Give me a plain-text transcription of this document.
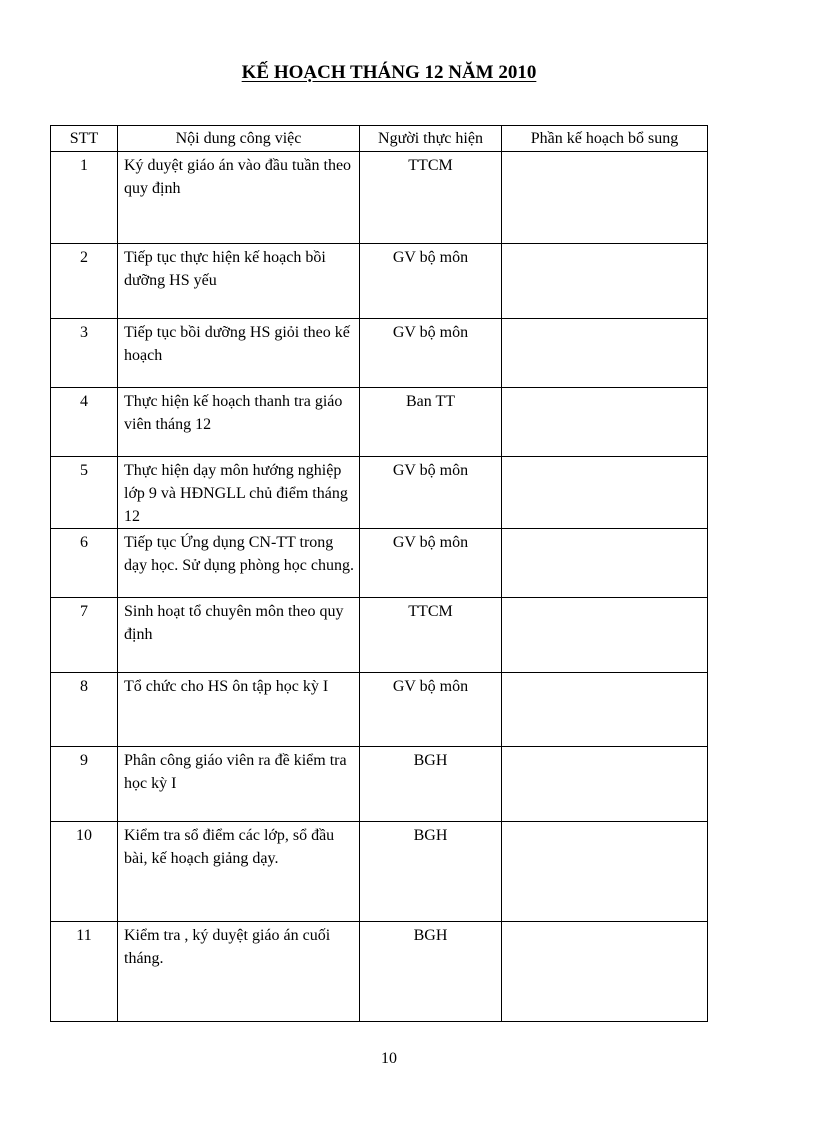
KẾ HOẠCH THÁNG 12 NĂM 2010
STT	Nội dung công việc	Người thực hiện	Phần kế hoạch bổ sung
1	Ký duyệt giáo án vào đầu tuần theo quy định	TTCM	
2	Tiếp tục thực hiện kế hoạch bồi dưỡng HS yếu	GV bộ môn	
3	Tiếp tục bồi dưỡng HS giỏi theo kế hoạch	GV bộ môn	
4	Thực hiện kế hoạch thanh tra giáo viên tháng 12	Ban TT	
5	Thực hiện dạy môn hướng nghiệp lớp 9 và HĐNGLL chủ điểm tháng 12	GV bộ môn	
6	Tiếp tục Ứng dụng CN-TT trong dạy học. Sử dụng phòng học chung.	GV bộ môn	
7	Sinh hoạt tổ chuyên môn theo quy định	TTCM	
8	Tổ chức cho HS ôn tập học kỳ I	GV bộ môn	
9	Phân công giáo viên ra đề kiểm tra học kỳ I	BGH	
10	Kiểm tra sổ điểm các lớp, sổ đầu bài, kế hoạch giảng dạy.	BGH	
11	Kiểm tra , ký duyệt giáo án cuối tháng.	BGH	
10
